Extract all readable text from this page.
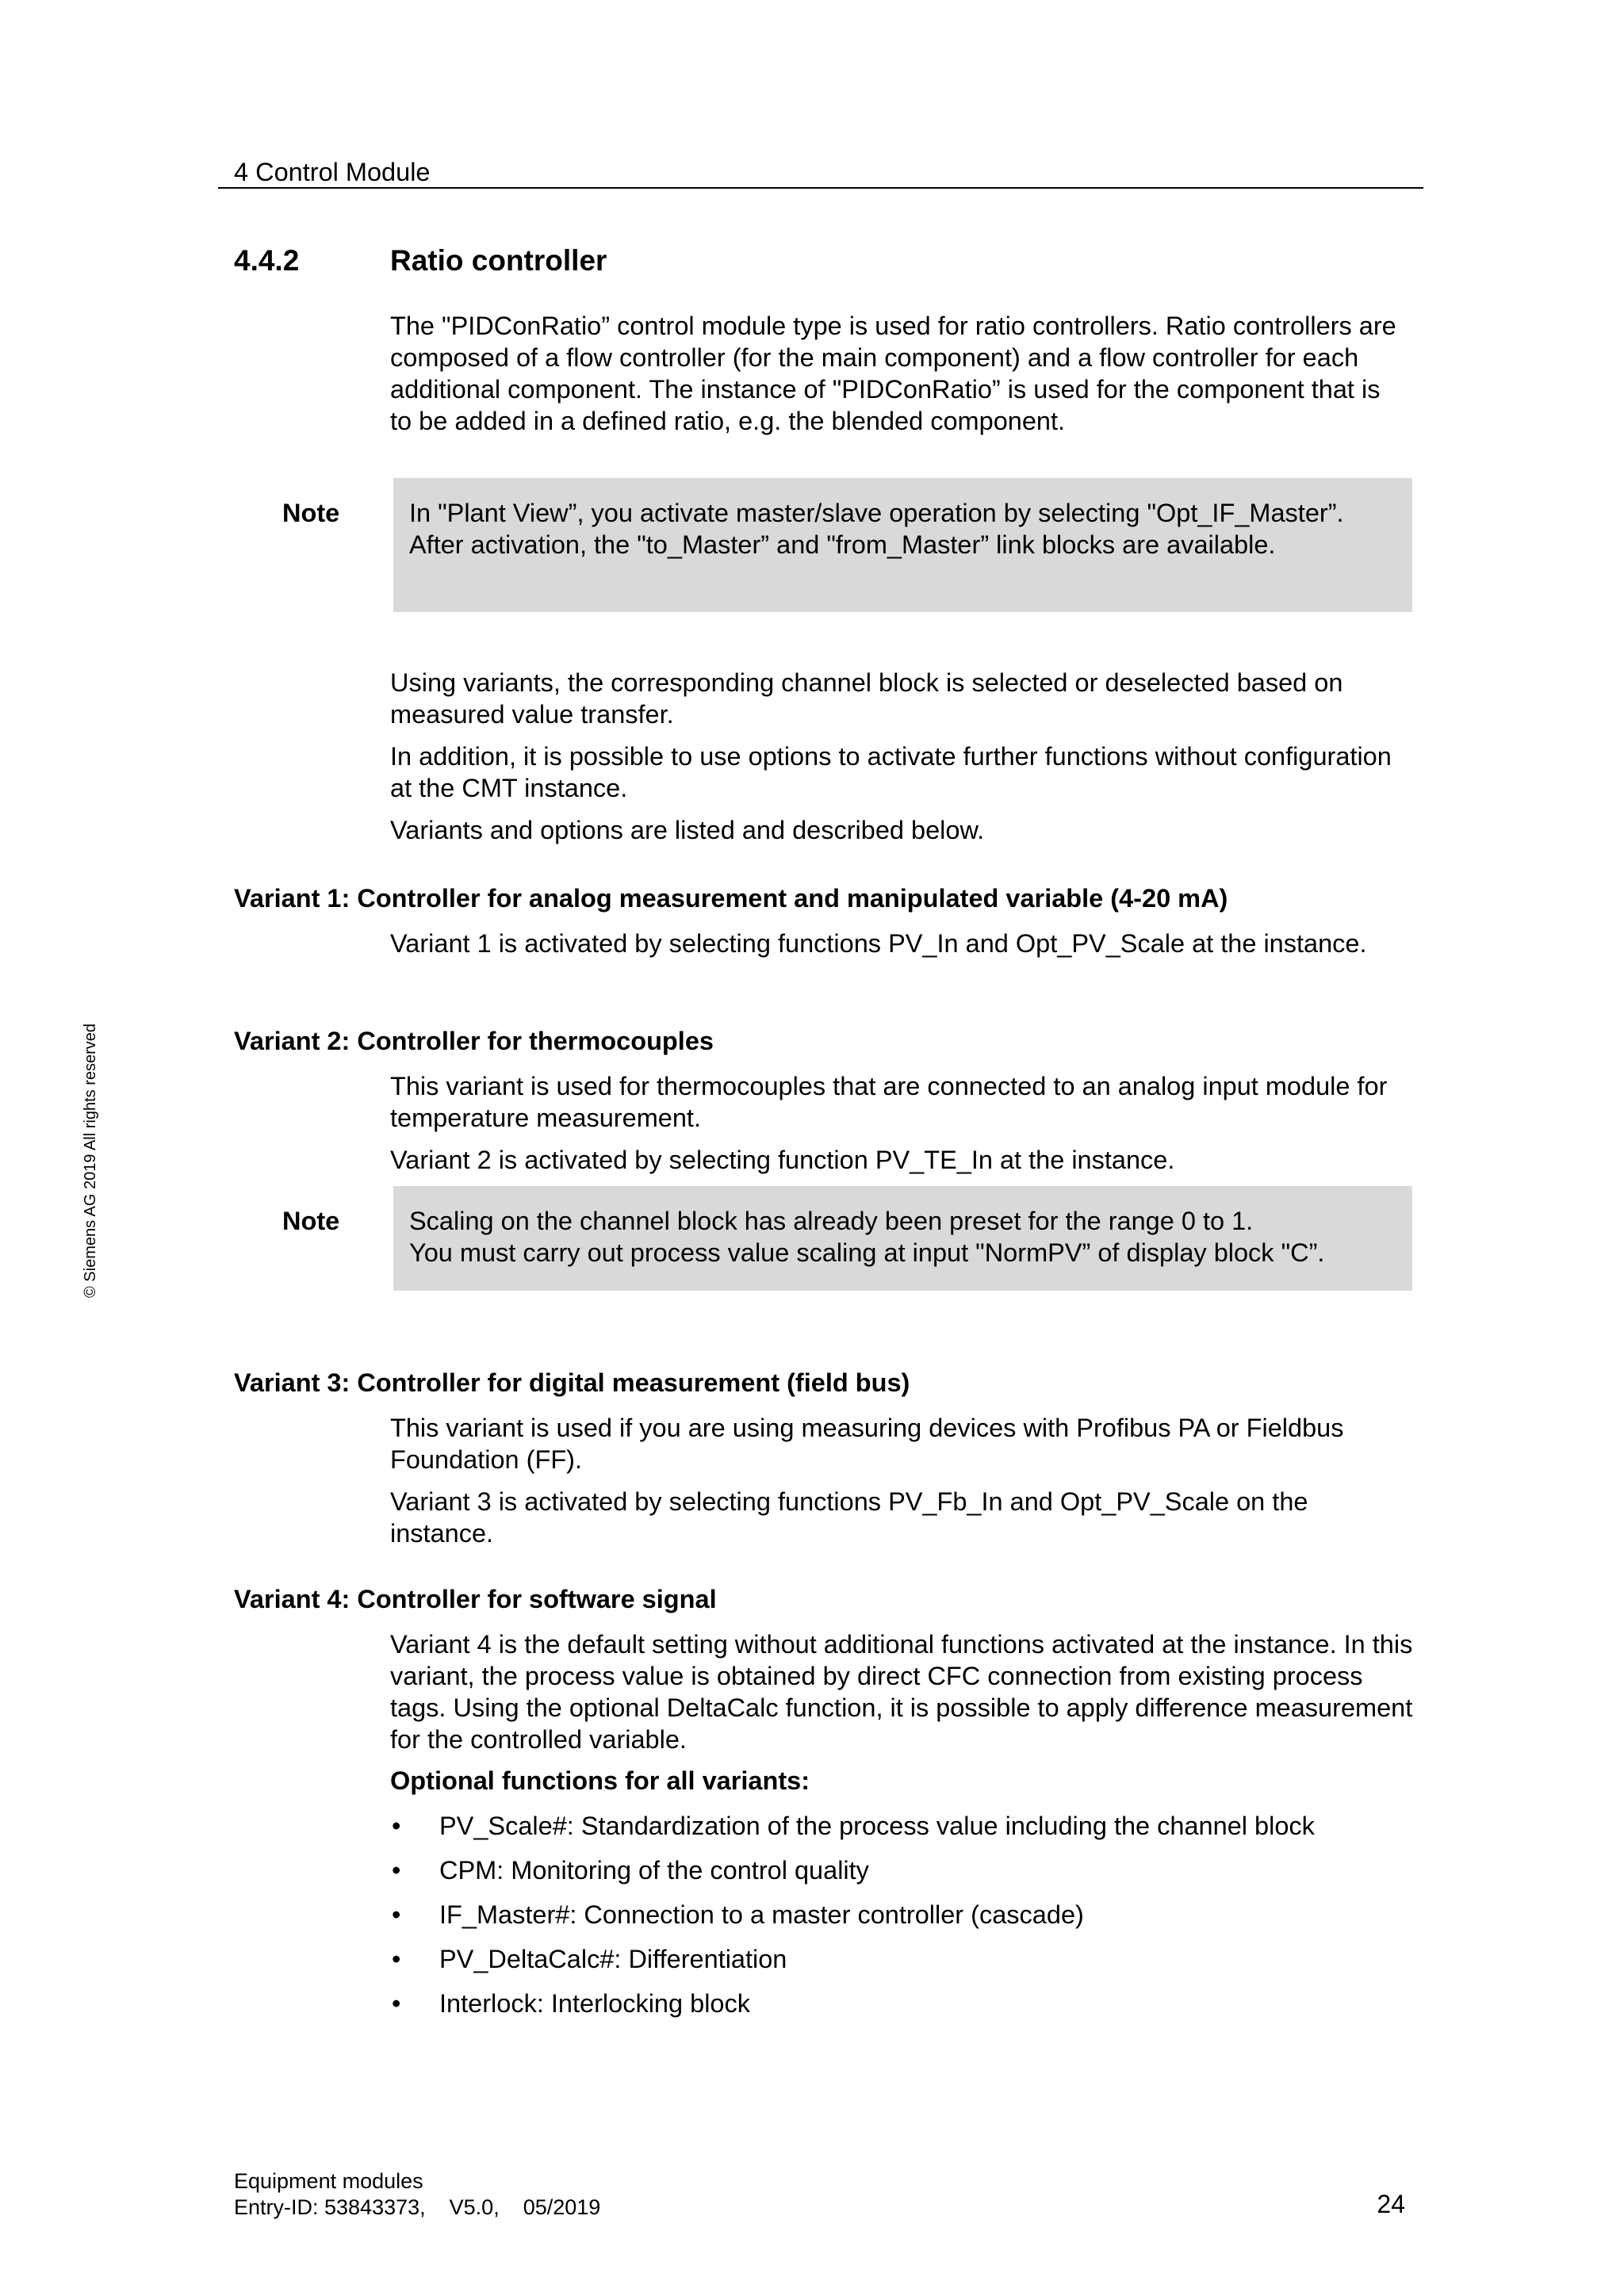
4 Control Module
4.4.2	Ratio controller

The "PIDConRatio” control module type is used for ratio controllers. Ratio controllers are composed of a flow controller (for the main component) and a flow controller for each additional component. The instance of "PIDConRatio” is used for the component that is to be added in a defined ratio, e.g. the blended component.

Note	In "Plant View”, you activate master/slave operation by selecting "Opt_IF_Master”. After activation, the "to_Master” and "from_Master” link blocks are available.

Using variants, the corresponding channel block is selected or deselected based on measured value transfer.

In addition, it is possible to use options to activate further functions without configuration at the CMT instance.

Variants and options are listed and described below.

Variant 1: Controller for analog measurement and manipulated variable (4-20 mA)

Variant 1 is activated by selecting functions PV_In and Opt_PV_Scale at the instance.

Variant 2: Controller for thermocouples

This variant is used for thermocouples that are connected to an analog input module for temperature measurement.

Variant 2 is activated by selecting function PV_TE_In at the instance.

Note	Scaling on the channel block has already been preset for the range 0 to 1.

You must carry out process value scaling at input "NormPV” of display block "C”.

Variant 3: Controller for digital measurement (field bus)

This variant is used if you are using measuring devices with Profibus PA or Fieldbus Foundation (FF).

Variant 3 is activated by selecting functions PV_Fb_In and Opt_PV_Scale on the instance.

Variant 4: Controller for software signal

Variant 4 is the default setting without additional functions activated at the instance. In this variant, the process value is obtained by direct CFC connection from existing process tags. Using the optional DeltaCalc function, it is possible to apply difference measurement for the controlled variable.

Optional functions for all variants:
• PV_Scale#: Standardization of the process value including the channel block
• CPM: Monitoring of the control quality
• IF_Master#: Connection to a master controller (cascade)
• PV_DeltaCalc#: Differentiation
• Interlock: Interlocking block
© Siemens AG 2019 All rights reserved
Equipment modules
Entry-ID: 53843373, V5.0, 05/2019	24
